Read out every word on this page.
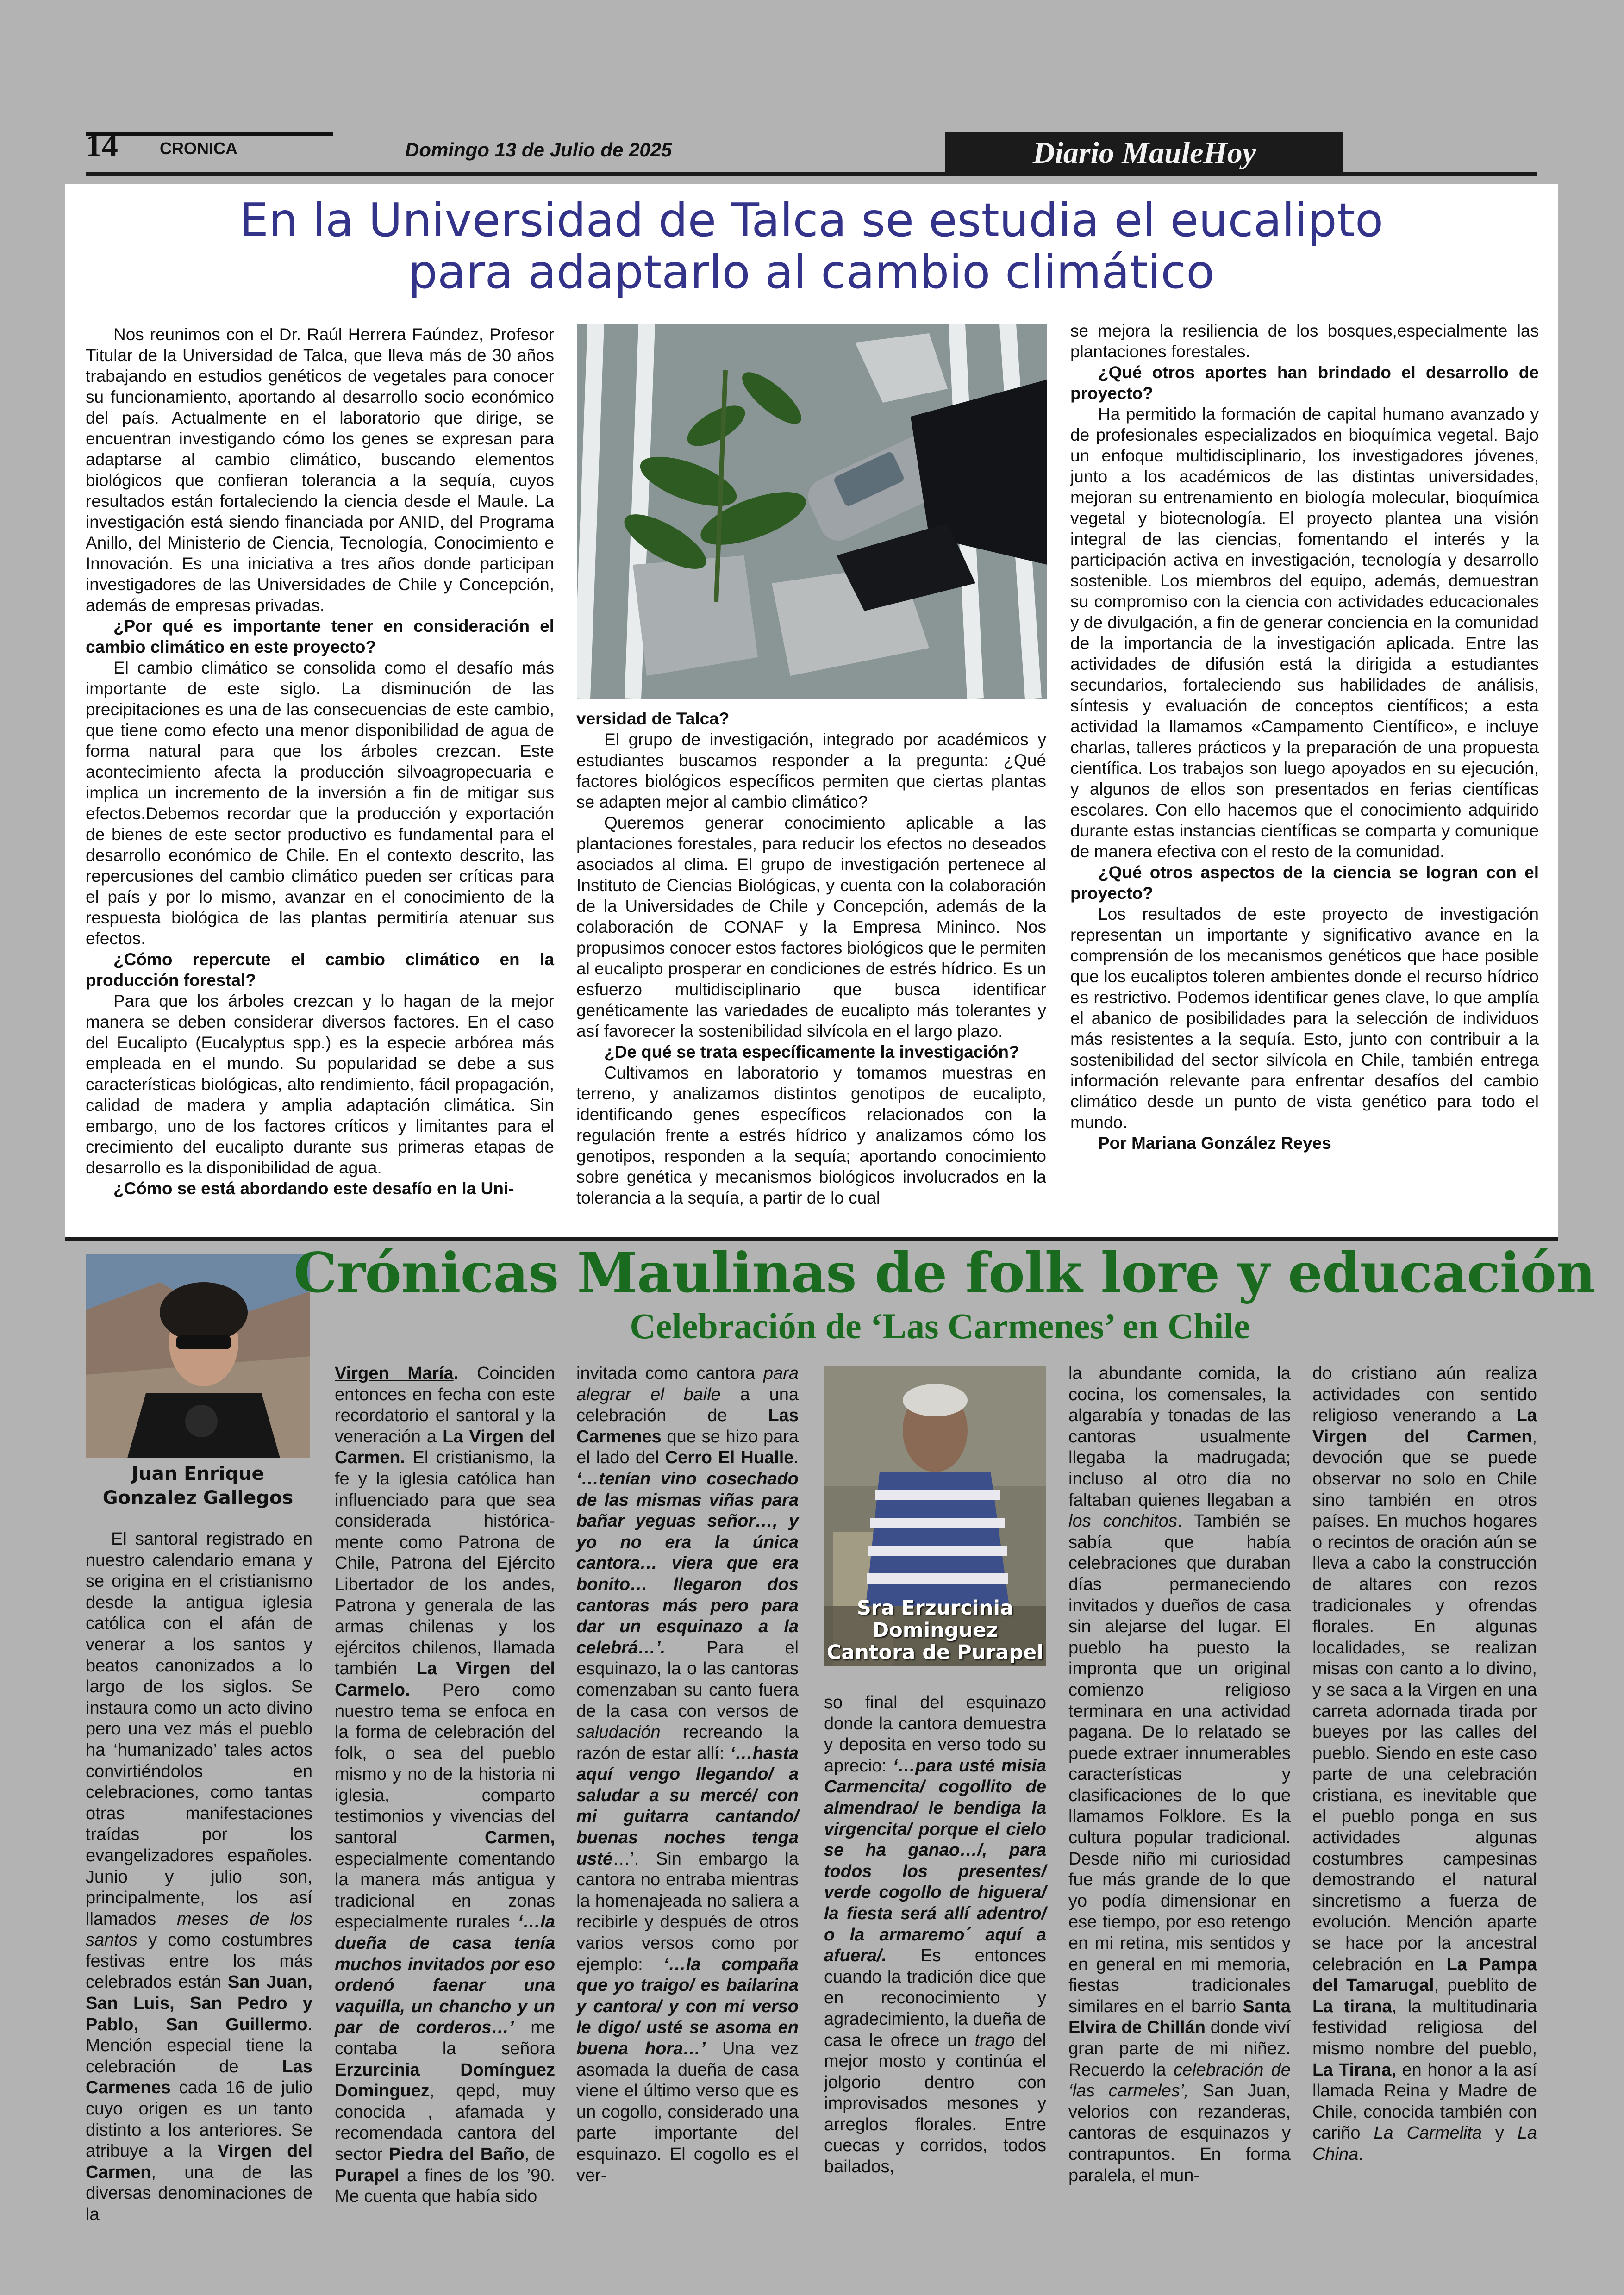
14	CRONICA	Domingo 13 de Julio de 2025	Diario MauleHoy
En la Universidad de Talca se estudia el eucalipto
para adaptarlo al cambio climático

Nos reunimos con el Dr. Raúl Herrera Faúndez, Profesor Titular de la Universidad de Talca, que lleva más de 30 años trabajando en estudios genéticos de vegetales para conocer su funcionamiento, aportando al desarrollo socio económico del país. Actualmente en el laboratorio que dirige, se encuentran investigando cómo los genes se expresan para adaptarse al cambio climático, buscando elementos biológicos que confieran tolerancia a la sequía, cuyos resultados están fortaleciendo la ciencia desde el Maule. La investigación está siendo financiada por ANID, del Programa Anillo, del Ministerio de Ciencia, Tecnología, Conocimiento e Innovación. Es una iniciativa a tres años donde participan investigadores de las Universidades de Chile y Concepción, además de empresas privadas.

¿Por qué es importante tener en consideración el cambio climático en este proyecto?

El cambio climático se consolida como el desafío más importante de este siglo. La disminución de las precipitaciones es una de las consecuencias de este cambio, que tiene como efecto una menor disponibilidad de agua de forma natural para que los árboles crezcan. Este acontecimiento afecta la producción silvoagropecuaria e implica un incremento de la inversión a fin de mitigar sus efectos.Debemos recordar que la producción y exportación de bienes de este sector productivo es fundamental para el desarrollo económico de Chile. En el contexto descrito, las repercusiones del cambio climático pueden ser críticas para el país y por lo mismo, avanzar en el conocimiento de la respuesta biológica de las plantas permitiría atenuar sus efectos.

¿Cómo repercute el cambio climático en la producción forestal?

Para que los árboles crezcan y lo hagan de la mejor manera se deben considerar diversos factores. En el caso del Eucalipto (Eucalyptus spp.) es la especie arbórea más empleada en el mundo. Su popularidad se debe a sus características biológicas, alto rendimiento, fácil propagación, calidad de madera y amplia adaptación climática. Sin embargo, uno de los factores críticos y limitantes para el crecimiento del eucalipto durante sus primeras etapas de desarrollo es la disponibilidad de agua.

¿Cómo se está abordando este desafío en la Uni-

versidad de Talca?

El grupo de investigación, integrado por académicos y estudiantes buscamos responder a la pregunta: ¿Qué factores biológicos específicos permiten que ciertas plantas se adapten mejor al cambio climático?

Queremos generar conocimiento aplicable a las plantaciones forestales, para reducir los efectos no deseados asociados al clima. El grupo de investigación pertenece al Instituto de Ciencias Biológicas, y cuenta con la colaboración de la Universidades de Chile y Concepción, además de la colaboración de CONAF y la Empresa Mininco. Nos propusimos conocer estos factores biológicos que le permiten al eucalipto prosperar en condiciones de estrés hídrico. Es un esfuerzo multidisciplinario que busca identificar genéticamente las variedades de eucalipto más tolerantes y así favorecer la sostenibilidad silvícola en el largo plazo.

¿De qué se trata específicamente la investigación?

Cultivamos en laboratorio y tomamos muestras en terreno, y analizamos distintos genotipos de eucalipto, identificando genes específicos relacionados con la regulación frente a estrés hídrico y analizamos cómo los genotipos, responden a la sequía; aportando conocimiento sobre genética y mecanismos biológicos involucrados en la tolerancia a la sequía, a partir de lo cual

se mejora la resiliencia de los bosques,especialmente las plantaciones forestales.

¿Qué otros aportes han brindado el desarrollo de proyecto?

Ha permitido la formación de capital humano avanzado y de profesionales especializados en bioquímica vegetal. Bajo un enfoque multidisciplinario, los investigadores jóvenes, junto a los académicos de las distintas universidades, mejoran su entrenamiento en biología molecular, bioquímica vegetal y biotecnología. El proyecto plantea una visión integral de las ciencias, fomentando el interés y la participación activa en investigación, tecnología y desarrollo sostenible. Los miembros del equipo, además, demuestran su compromiso con la ciencia con actividades educacionales y de divulgación, a fin de generar conciencia en la comunidad de la importancia de la investigación aplicada. Entre las actividades de difusión está la dirigida a estudiantes secundarios, fortaleciendo sus habilidades de análisis, síntesis y evaluación de conceptos científicos; a esta actividad la llamamos «Campamento Científico», e incluye charlas, talleres prácticos y la preparación de una propuesta científica. Los trabajos son luego apoyados en su ejecución, y algunos de ellos son presentados en ferias científicas escolares. Con ello hacemos que el conocimiento adquirido durante estas instancias científicas se comparta y comunique de manera efectiva con el resto de la comunidad.

¿Qué otros aspectos de la ciencia se logran con el proyecto?

Los resultados de este proyecto de investigación representan un importante y significativo avance en la comprensión de los mecanismos genéticos que hace posible que los eucaliptos toleren ambientes donde el recurso hídrico es restrictivo. Podemos identificar genes clave, lo que amplía el abanico de posibilidades para la selección de individuos más resistentes a la sequía. Esto, junto con contribuir a la sostenibilidad del sector silvícola en Chile, también entrega información relevante para enfrentar desafíos del cambio climático desde un punto de vista genético para todo el mundo.

Por Mariana González Reyes

Juan Enrique
Gonzalez Gallegos
Crónicas Maulinas de folk lore y educación
Celebración de ‘Las Carmenes’ en Chile

El santoral registrado en nuestro calendario emana y se origina en el cristianismo desde la antigua iglesia católica con el afán de venerar a los santos y beatos canonizados a lo largo de los siglos. Se instaura como un acto divino pero una vez más el pueblo ha ‘humanizado’ tales actos convirtiéndolos en celebraciones, como tantas otras manifestaciones traídas por los evangelizadores españoles. Junio y julio son, principalmente, los así llamados meses de los santos y como costumbres festivas entre los más celebrados están San Juan, San Luis, San Pedro y Pablo, San Guillermo. Mención especial tiene la celebración de Las Carmenes cada 16 de julio cuyo origen es un tanto distinto a los anteriores. Se atribuye a la Virgen del Carmen, una de las diversas denominaciones de la

Virgen María. Coinciden entonces en fecha con este recordatorio el santoral y la veneración a La Virgen del Carmen. El cristianismo, la fe y la iglesia católica han influenciado para que sea considerada histórica-mente como Patrona de Chile, Patrona del Ejército Libertador de los andes, Patrona y generala de las armas chilenas y los ejércitos chilenos, llamada también La Virgen del Carmelo. Pero como nuestro tema se enfoca en la forma de celebración del folk, o sea del pueblo mismo y no de la historia ni iglesia, comparto testimonios y vivencias del santoral Carmen, especialmente comentando la manera más antigua y tradicional en zonas especialmente rurales ‘…la dueña de casa tenía muchos invitados por eso ordenó faenar una vaquilla, un chancho y un par de corderos…’ me contaba la señora Erzurcinia Domínguez Dominguez, qepd, muy conocida , afamada y recomendada cantora del sector Piedra del Baño, de Purapel a fines de los ’90. Me cuenta que había sido

invitada como cantora para alegrar el baile a una celebración de Las Carmenes que se hizo para el lado del Cerro El Hualle. ‘…tenían vino cosechado de las mismas viñas para bañar yeguas señor…, y yo no era la única cantora… viera que era bonito… llegaron dos cantoras más pero para dar un esquinazo a la celebrá…’. Para el esquinazo, la o las cantoras comenzaban su canto fuera de la casa con versos de saludación recreando la razón de estar allí: ‘…hasta aquí vengo llegando/ a saludar a su mercé/ con mi guitarra cantando/ buenas noches tenga usté…’. Sin embargo la cantora no entraba mientras la homenajeada no saliera a recibirle y después de otros varios versos como por ejemplo: ‘…la compaña que yo traigo/ es bailarina y cantora/ y con mi verso le digo/ usté se asoma en buena hora…’ Una vez asomada la dueña de casa viene el último verso que es un cogollo, considerado una parte importante del esquinazo. El cogollo es el ver-

Sra Erzurcinia
Dominguez
Cantora de Purapel

so final del esquinazo donde la cantora demuestra y deposita en verso todo su aprecio: ‘…para usté misia Carmencita/ cogollito de almendrao/ le bendiga la virgencita/ porque el cielo se ha ganao…/, para todos los presentes/ verde cogollo de higuera/ la fiesta será allí adentro/ o la armaremo´ aquí a afuera/. Es entonces cuando la tradición dice que en reconocimiento y agradecimiento, la dueña de casa le ofrece un trago del mejor mosto y continúa el jolgorio dentro con improvisados mesones y arreglos florales. Entre cuecas y corridos, todos bailados,

la abundante comida, la cocina, los comensales, la algarabía y tonadas de las cantoras usualmente llegaba la madrugada; incluso al otro día no faltaban quienes llegaban a los conchitos. También se sabía que había celebraciones que duraban días permaneciendo invitados y dueños de casa sin alejarse del lugar. El pueblo ha puesto la impronta que un original comienzo religioso terminara en una actividad pagana. De lo relatado se puede extraer innumerables características y clasificaciones de lo que llamamos Folklore. Es la cultura popular tradicional. Desde niño mi curiosidad fue más grande de lo que yo podía dimensionar en ese tiempo, por eso retengo en mi retina, mis sentidos y en general en mi memoria, fiestas tradicionales similares en el barrio Santa Elvira de Chillán donde viví gran parte de mi niñez. Recuerdo la celebración de ‘las carmeles’, San Juan, velorios con rezanderas, cantoras de esquinazos y contrapuntos. En forma paralela, el mun-

do cristiano aún realiza actividades con sentido religioso venerando a La Virgen del Carmen, devoción que se puede observar no solo en Chile sino también en otros países. En muchos hogares o recintos de oración aún se lleva a cabo la construcción de altares con rezos tradicionales y ofrendas florales. En algunas localidades, se realizan misas con canto a lo divino, y se saca a la Virgen en una carreta adornada tirada por bueyes por las calles del pueblo. Siendo en este caso parte de una celebración cristiana, es inevitable que el pueblo ponga en sus actividades algunas costumbres campesinas demostrando el natural sincretismo a fuerza de evolución. Mención aparte se hace por la ancestral celebración en La Pampa del Tamarugal, pueblito de La tirana, la multitudinaria festividad religiosa del mismo nombre del pueblo, La Tirana, en honor a la así llamada Reina y Madre de Chile, conocida también con cariño La Carmelita y La China.
